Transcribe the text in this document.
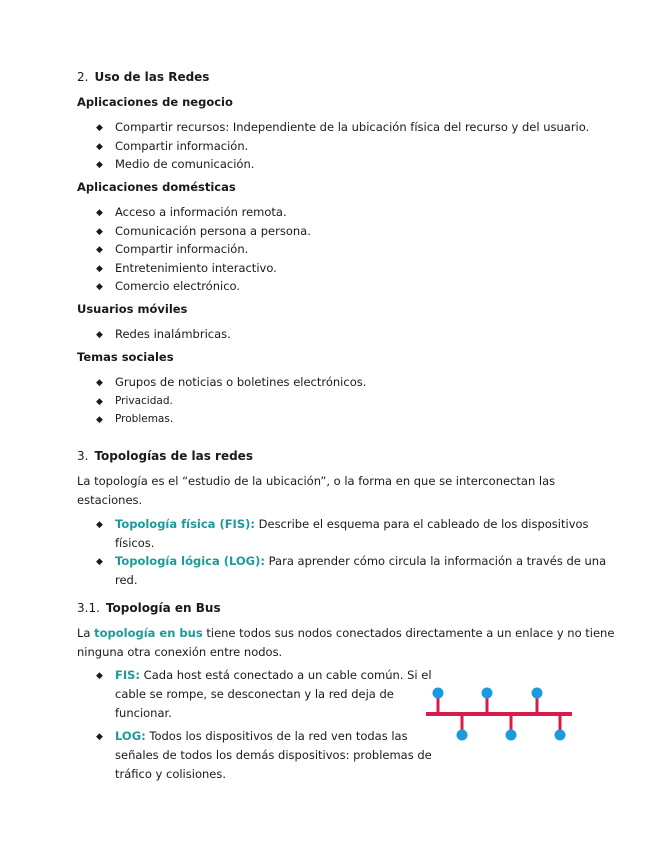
2. Uso de las Redes
Aplicaciones de negocio
◆ Compartir recursos: Independiente de la ubicación física del recurso y del usuario.
◆ Compartir información.
◆ Medio de comunicación.
Aplicaciones domésticas
◆ Acceso a información remota.
◆ Comunicación persona a persona.
◆ Compartir información.
◆ Entretenimiento interactivo.
◆ Comercio electrónico.
Usuarios móviles
◆ Redes inalámbricas.
Temas sociales
◆ Grupos de noticias o boletines electrónicos.
◆ Privacidad.
◆ Problemas.
3. Topologías de las redes
La topología es el “estudio de la ubicación”, o la forma en que se interconectan las
estaciones.
◆ Topología física (FIS): Describe el esquema para el cableado de los dispositivos
físicos.
◆ Topología lógica (LOG): Para aprender cómo circula la información a través de una
red.
3.1. Topología en Bus
La topología en bus tiene todos sus nodos conectados directamente a un enlace y no tiene
ninguna otra conexión entre nodos.
◆ FIS: Cada host está conectado a un cable común. Si el
cable se rompe, se desconectan y la red deja de
funcionar.
◆ LOG: Todos los dispositivos de la red ven todas las
señales de todos los demás dispositivos: problemas de
tráfico y colisiones.
